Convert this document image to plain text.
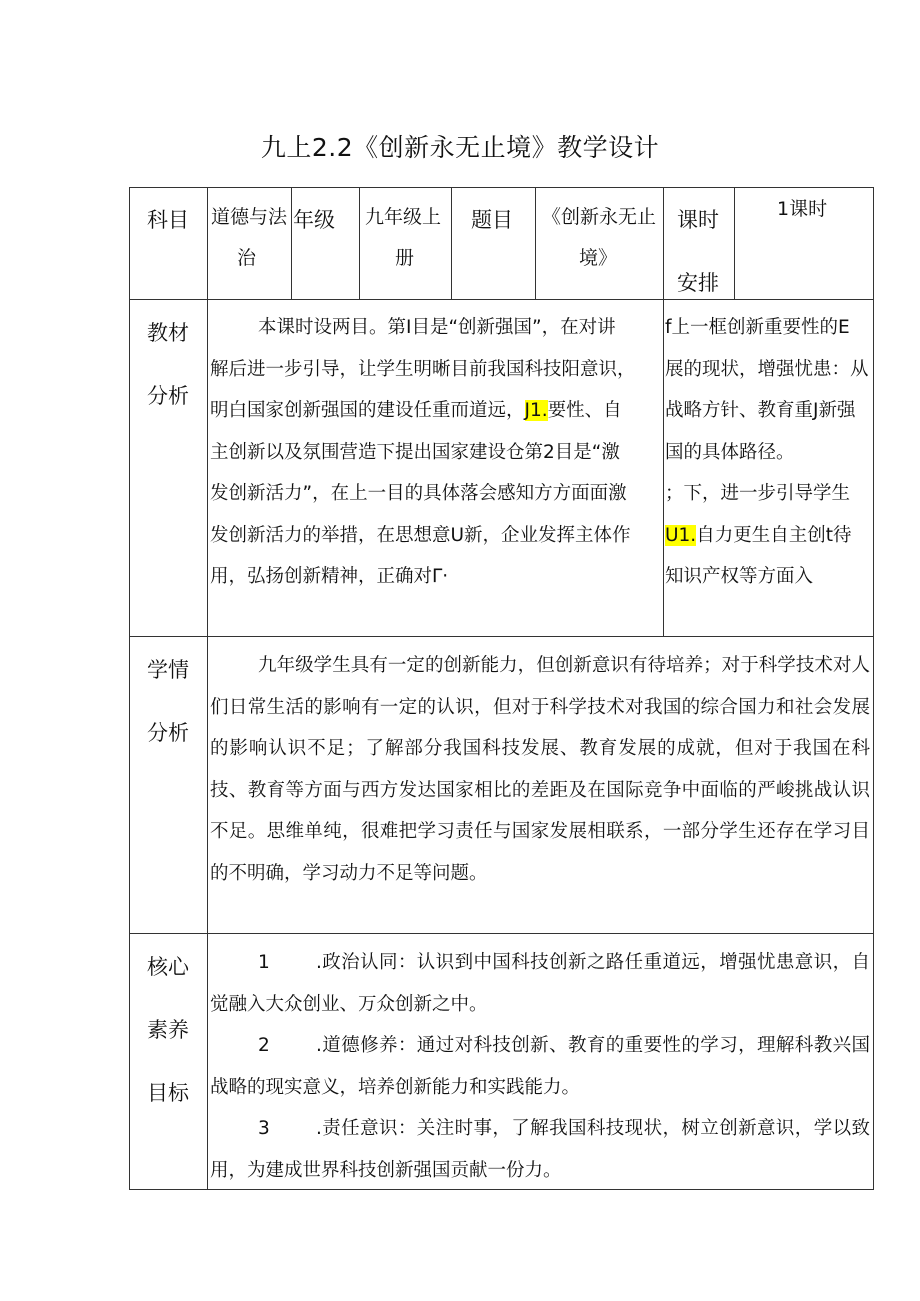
九上2.2《创新永无止境》教学设计
科目 道德与法
治
年级 九年级上
册
题目 《创新永无止
境》
课时
安排
1课时
教材
分析
本课时设两目。第I目是“创新强国”，在对讲
解后进一步引导，让学生明晰目前我国科技阳意识，
明白国家创新强国的建设任重而道远，J1.要性、自
主创新以及氛围营造下提出国家建设仓第2目是“激
发创新活力”，在上一目的具体落会感知方方面面激
发创新活力的举措，在思想意U新，企业发挥主体作
用，弘扬创新精神，正确对Γ·
f上一框创新重要性的E
展的现状，增强忧患：从
战略方针、教育重J新强
国的具体路径。
；下，进一步引导学生
U1.自力更生自主创t待
知识产权等方面入
学情
分析
九年级学生具有一定的创新能力，但创新意识有待培养；对于科学技术对人们日常生活的影响有一定的认识，但对于科学技术对我国的综合国力和社会发展的影响认识不足；了解部分我国科技发展、教育发展的成就，但对于我国在科技、教育等方面与西方发达国家相比的差距及在国际竞争中面临的严峻挑战认识不足。思维单纯，很难把学习责任与国家发展相联系，一部分学生还存在学习目的不明确，学习动力不足等问题。
核心
素养
目标
1 .政治认同：认识到中国科技创新之路任重道远，增强忧患意识，自觉融入大众创业、万众创新之中。
2 .道德修养：通过对科技创新、教育的重要性的学习，理解科教兴国战略的现实意义，培养创新能力和实践能力。
3 .责任意识：关注时事，了解我国科技现状，树立创新意识，学以致用，为建成世界科技创新强国贡献一份力。
